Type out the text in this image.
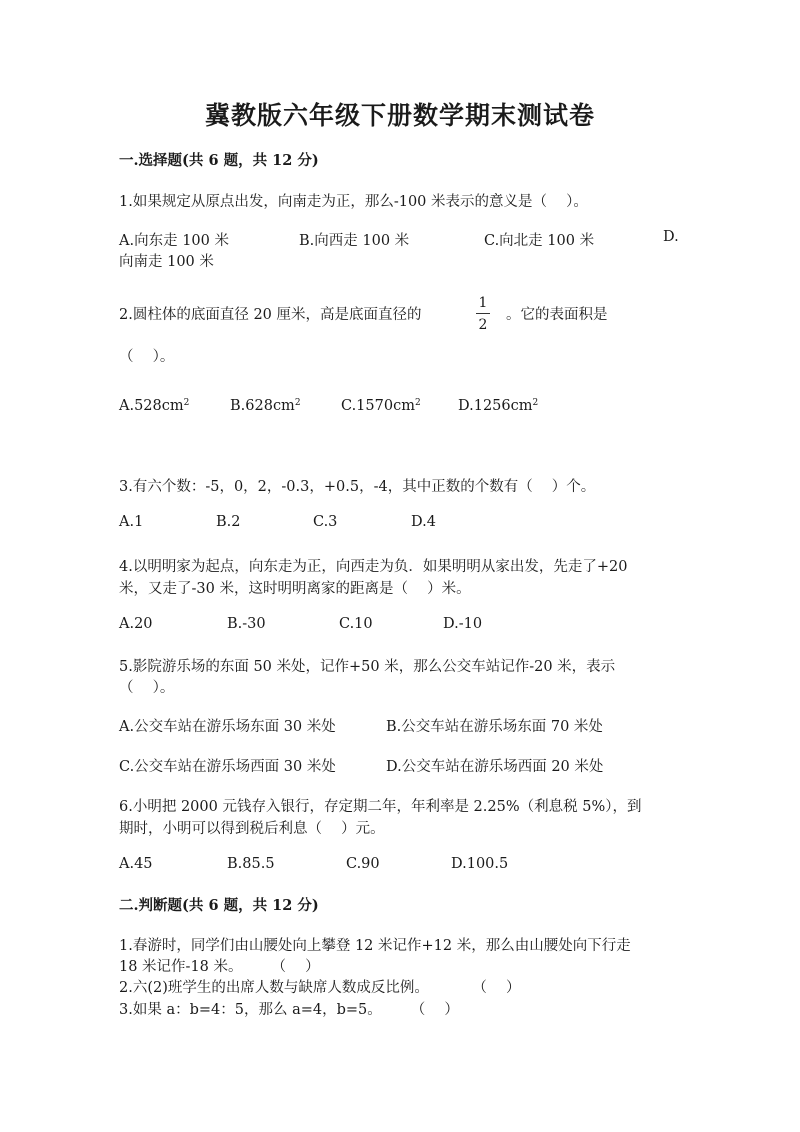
冀教版六年级下册数学期末测试卷
一.选择题(共 6 题，共 12 分)
1.如果规定从原点出发，向南走为正，那么-100 米表示的意义是（　 ）。
A.向东走 100 米	B.向西走 100 米	C.向北走 100 米	D.
向南走 100 米
2.圆柱体的底面直径 20 厘米，高是底面直径的
1
2
。它的表面积是
（　 ）。
$A.528cm^2$	$B.628cm^2$	$C.1570cm^2$	$D.1256cm^2$
3.有六个数：-5，0，2，-0.3，+0.5，-4，其中正数的个数有（　 ）个。
A.1	B.2	C.3	D.4
4.以明明家为起点，向东走为正，向西走为负．如果明明从家出发，先走了+20
米，又走了-30 米，这时明明离家的距离是（　 ）米。
A.20	B.-30	C.10	D.-10
5.影院游乐场的东面 50 米处，记作+50 米，那么公交车站记作-20 米，表示
（　 ）。
A.公交车站在游乐场东面 30 米处	B.公交车站在游乐场东面 70 米处
C.公交车站在游乐场西面 30 米处	D.公交车站在游乐场西面 20 米处
6.小明把 2000 元钱存入银行，存定期二年，年利率是 2.25%（利息税 5%），到
期时，小明可以得到税后利息（　 ）元。
A.45	B.85.5	C.90	D.100.5
二.判断题(共 6 题，共 12 分)
1.春游时，同学们由山腰处向上攀登 12 米记作+12 米，那么由山腰处向下行走
18 米记作-18 米。　　　（　 ）
2.六(2)班学生的出席人数与缺席人数成反比例。　　　　（　 ）
3.如果 a：b=4：5，那么 a=4，b=5。　　　（　 ）
